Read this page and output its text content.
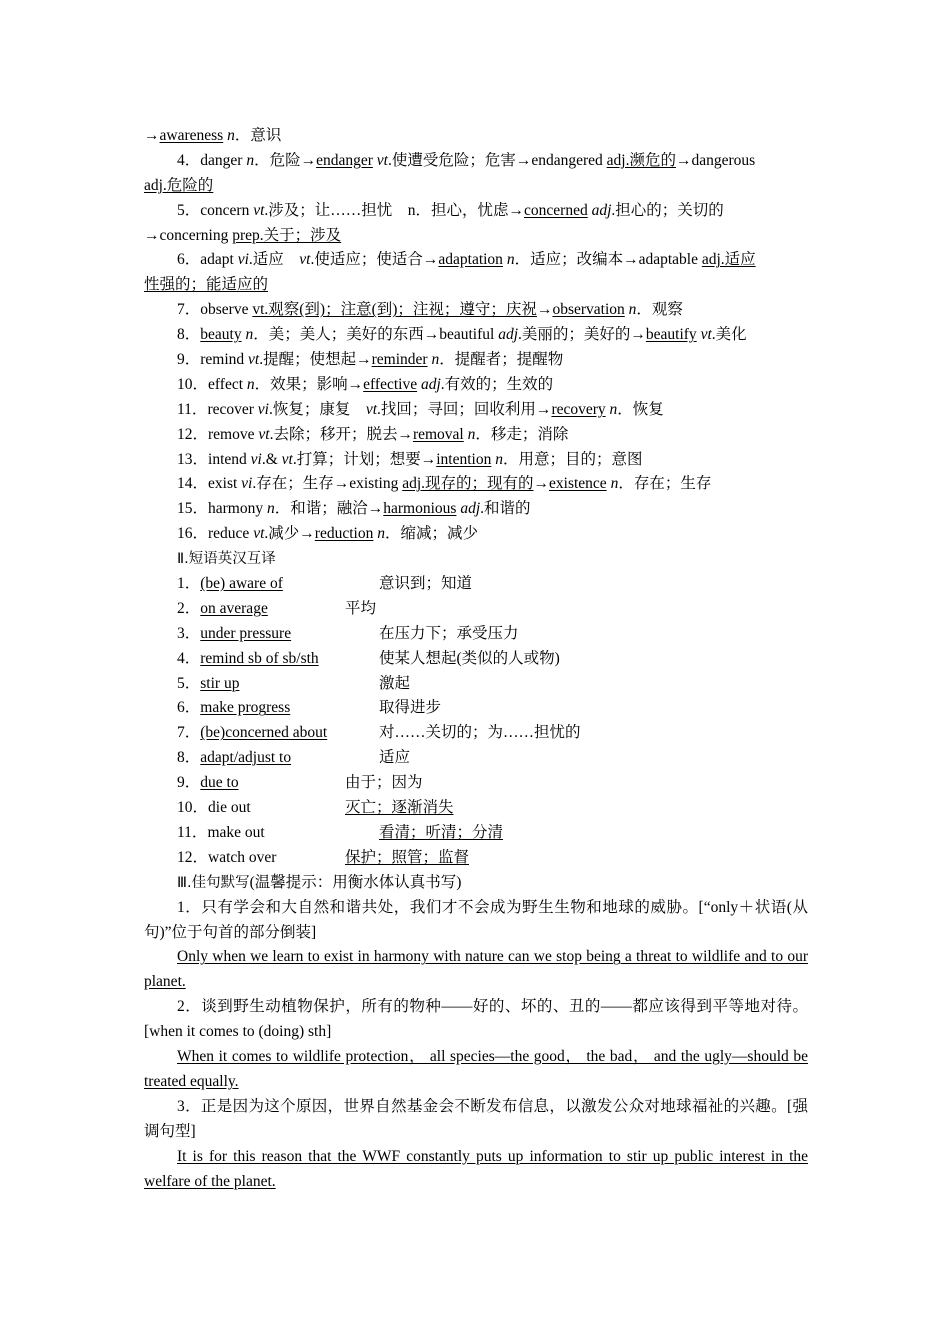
→awareness n．意识
4．danger n．危险→endanger vt.使遭受危险；危害→endangered adj.濒危的→dangerous
adj.危险的
5．concern vt.涉及；让……担忧　n．担心，忧虑→concerned adj.担心的；关切的
→concerning prep.关于；涉及
6．adapt vi.适应　vt.使适应；使适合→adaptation n．适应；改编本→adaptable adj.适应
性强的；能适应的
7．observe vt.观察(到)；注意(到)；注视；遵守；庆祝→observation n．观察
8．beauty n．美；美人；美好的东西→beautiful adj.美丽的；美好的→beautify vt.美化
9．remind vt.提醒；使想起→reminder n．提醒者；提醒物
10．effect n．效果；影响→effective adj.有效的；生效的
11．recover vi.恢复；康复　vt.找回；寻回；回收利用→recovery n．恢复
12．remove vt.去除；移开；脱去→removal n．移走；消除
13．intend vi.& vt.打算；计划；想要→intention n．用意；目的；意图
14．exist vi.存在；生存→existing adj.现存的；现有的→existence n．存在；生存
15．harmony n．和谐；融洽→harmonious adj.和谐的
16．reduce vt.减少→reduction n．缩减；减少
Ⅱ.短语英汉互译
1．(be) aware of	意识到；知道
2．on average	平均
3．under pressure	在压力下；承受压力
4．remind sb of sb/sth	使某人想起(类似的人或物)
5．stir up	激起
6．make progress	取得进步
7．(be)concerned about	对……关切的；为……担忧的
8．adapt/adjust to	适应
9．due to	由于；因为
10．die out	灭亡；逐渐消失
11．make out	看清；听清；分清
12．watch over	保护；照管；监督
Ⅲ.佳句默写(温馨提示：用衡水体认真书写)
1．只有学会和大自然和谐共处，我们才不会成为野生生物和地球的威胁。[“only＋状语(从句)”位于句首的部分倒装]
Only when we learn to exist in harmony with nature can we stop being a threat to wildlife and to our planet.
2．谈到野生动植物保护，所有的物种——好的、坏的、丑的——都应该得到平等地对待。[when it comes to (doing) sth]
When it comes to wildlife protection， all species—the good， the bad， and the ugly—should be treated equally.
3．正是因为这个原因，世界自然基金会不断发布信息，以激发公众对地球福祉的兴趣。[强调句型]
It is for this reason that the WWF constantly puts up information to stir up public interest in the welfare of the planet.
